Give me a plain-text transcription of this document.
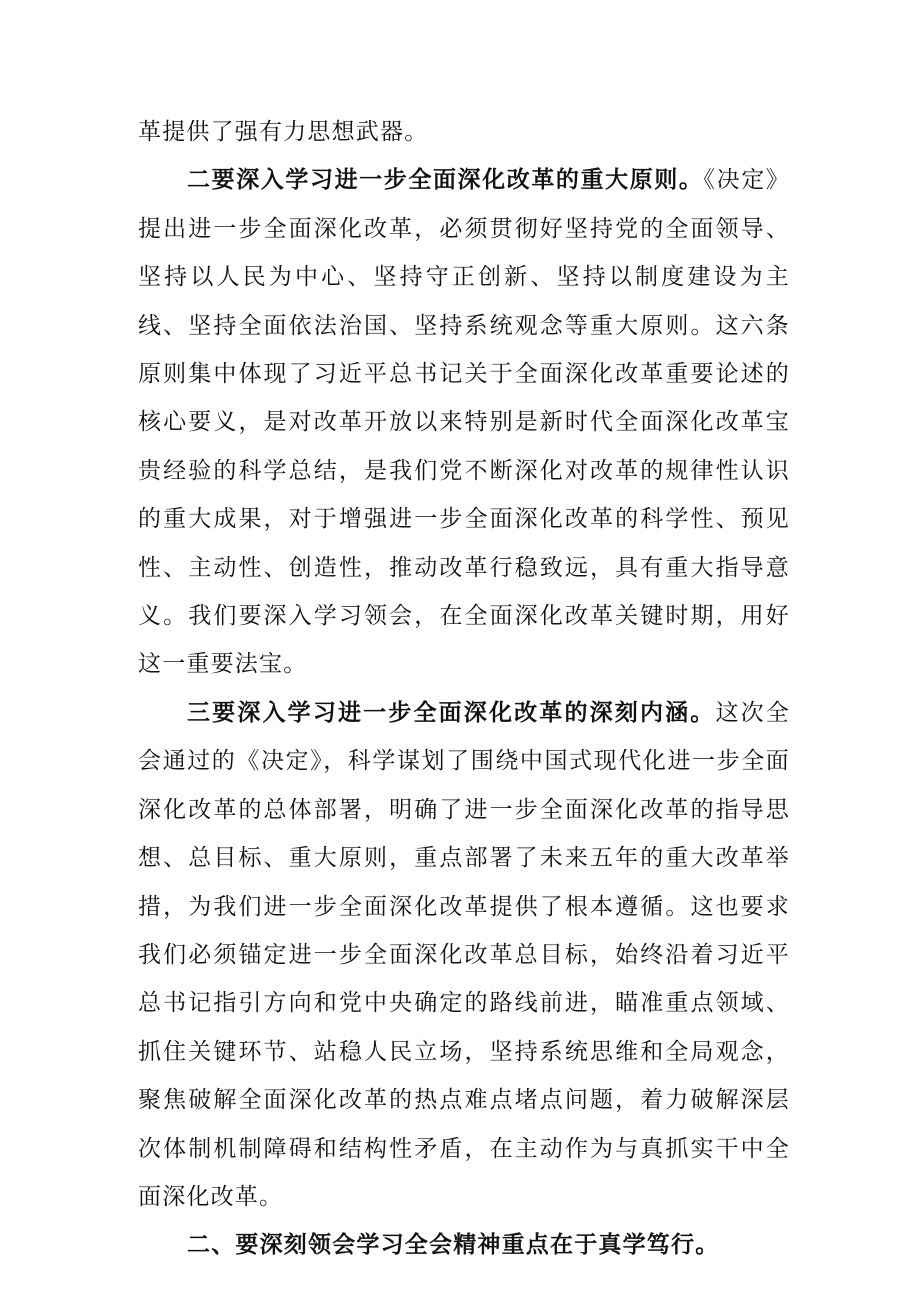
革提供了强有力思想武器。

二要深入学习进一步全面深化改革的重大原则。《决定》提出进一步全面深化改革，必须贯彻好坚持党的全面领导、坚持以人民为中心、坚持守正创新、坚持以制度建设为主线、坚持全面依法治国、坚持系统观念等重大原则。这六条原则集中体现了习近平总书记关于全面深化改革重要论述的核心要义，是对改革开放以来特别是新时代全面深化改革宝贵经验的科学总结，是我们党不断深化对改革的规律性认识的重大成果，对于增强进一步全面深化改革的科学性、预见性、主动性、创造性，推动改革行稳致远，具有重大指导意义。我们要深入学习领会，在全面深化改革关键时期，用好这一重要法宝。

三要深入学习进一步全面深化改革的深刻内涵。这次全会通过的《决定》，科学谋划了围绕中国式现代化进一步全面深化改革的总体部署，明确了进一步全面深化改革的指导思想、总目标、重大原则，重点部署了未来五年的重大改革举措，为我们进一步全面深化改革提供了根本遵循。这也要求我们必须锚定进一步全面深化改革总目标，始终沿着习近平总书记指引方向和党中央确定的路线前进，瞄准重点领域、抓住关键环节、站稳人民立场，坚持系统思维和全局观念，聚焦破解全面深化改革的热点难点堵点问题，着力破解深层次体制机制障碍和结构性矛盾，在主动作为与真抓实干中全面深化改革。

二、要深刻领会学习全会精神重点在于真学笃行。
